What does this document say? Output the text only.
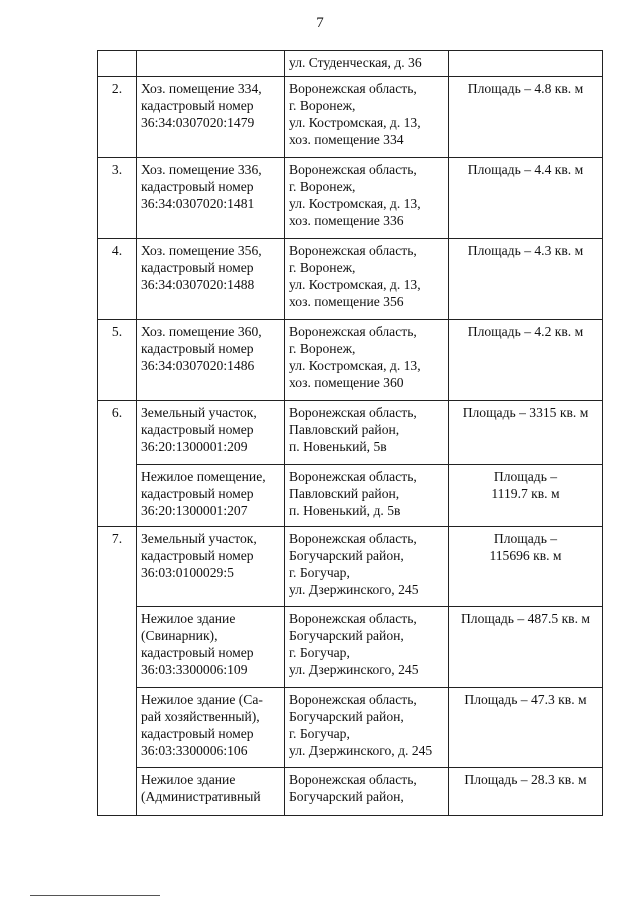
7

		ул. Студенческая, д. 36	

2.	Хоз. помещение 334,
кадастровый номер
36:34:0307020:1479	Воронежская область,
г. Воронеж,
ул. Костромская, д. 13,
хоз. помещение 334	Площадь – 4.8 кв. м

3.	Хоз. помещение 336,
кадастровый номер
36:34:0307020:1481	Воронежская область,
г. Воронеж,
ул. Костромская, д. 13,
хоз. помещение 336	Площадь – 4.4 кв. м

4.	Хоз. помещение 356,
кадастровый номер
36:34:0307020:1488	Воронежская область,
г. Воронеж,
ул. Костромская, д. 13,
хоз. помещение 356	Площадь – 4.3 кв. м

5.	Хоз. помещение 360,
кадастровый номер
36:34:0307020:1486	Воронежская область,
г. Воронеж,
ул. Костромская, д. 13,
хоз. помещение 360	Площадь – 4.2 кв. м

6.	Земельный участок,
кадастровый номер
36:20:1300001:209	Воронежская область,
Павловский район,
п. Новенький, 5в	Площадь – 3315 кв. м

	Нежилое помещение,
кадастровый номер
36:20:1300001:207	Воронежская область,
Павловский район,
п. Новенький, д. 5в	Площадь –
1119.7 кв. м

7.	Земельный участок,
кадастровый номер
36:03:0100029:5	Воронежская область,
Богучарский район,
г. Богучар,
ул. Дзержинского, 245	Площадь –
115696 кв. м

	Нежилое здание
(Свинарник),
кадастровый номер
36:03:3300006:109	Воронежская область,
Богучарский район,
г. Богучар,
ул. Дзержинского, 245	Площадь – 487.5 кв. м

	Нежилое здание (Са-
рай хозяйственный),
кадастровый номер
36:03:3300006:106	Воронежская область,
Богучарский район,
г. Богучар,
ул. Дзержинского, д. 245	Площадь – 47.3 кв. м

	Нежилое здание
(Административный	Воронежская область,
Богучарский район,	Площадь – 28.3 кв. м
